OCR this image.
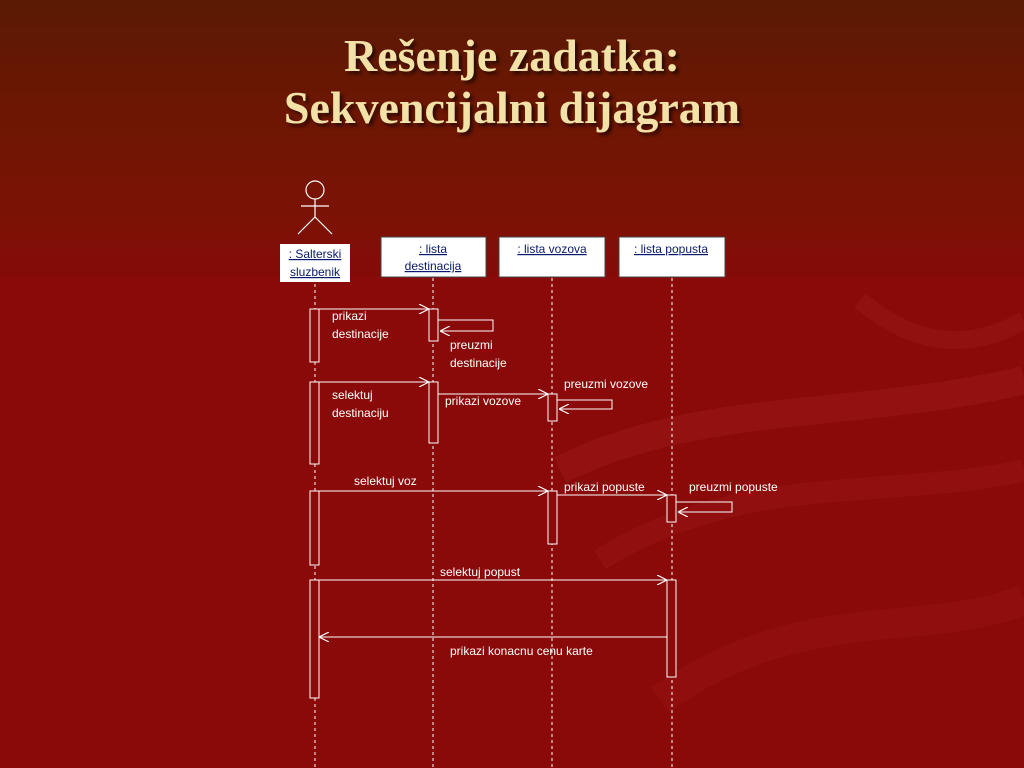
Rešenje zadatka:
Sekvencijalni dijagram
: Salterski
sluzbenik
: lista
destinacija
: lista vozova	: lista popusta
prikazi
destinacije
preuzmi
destinacije
selektuj
destinaciju
prikazi vozove
preuzmi vozove
selektuj voz	prikazi popuste	preuzmi popuste
selektuj popust
prikazi konacnu cenu karte
